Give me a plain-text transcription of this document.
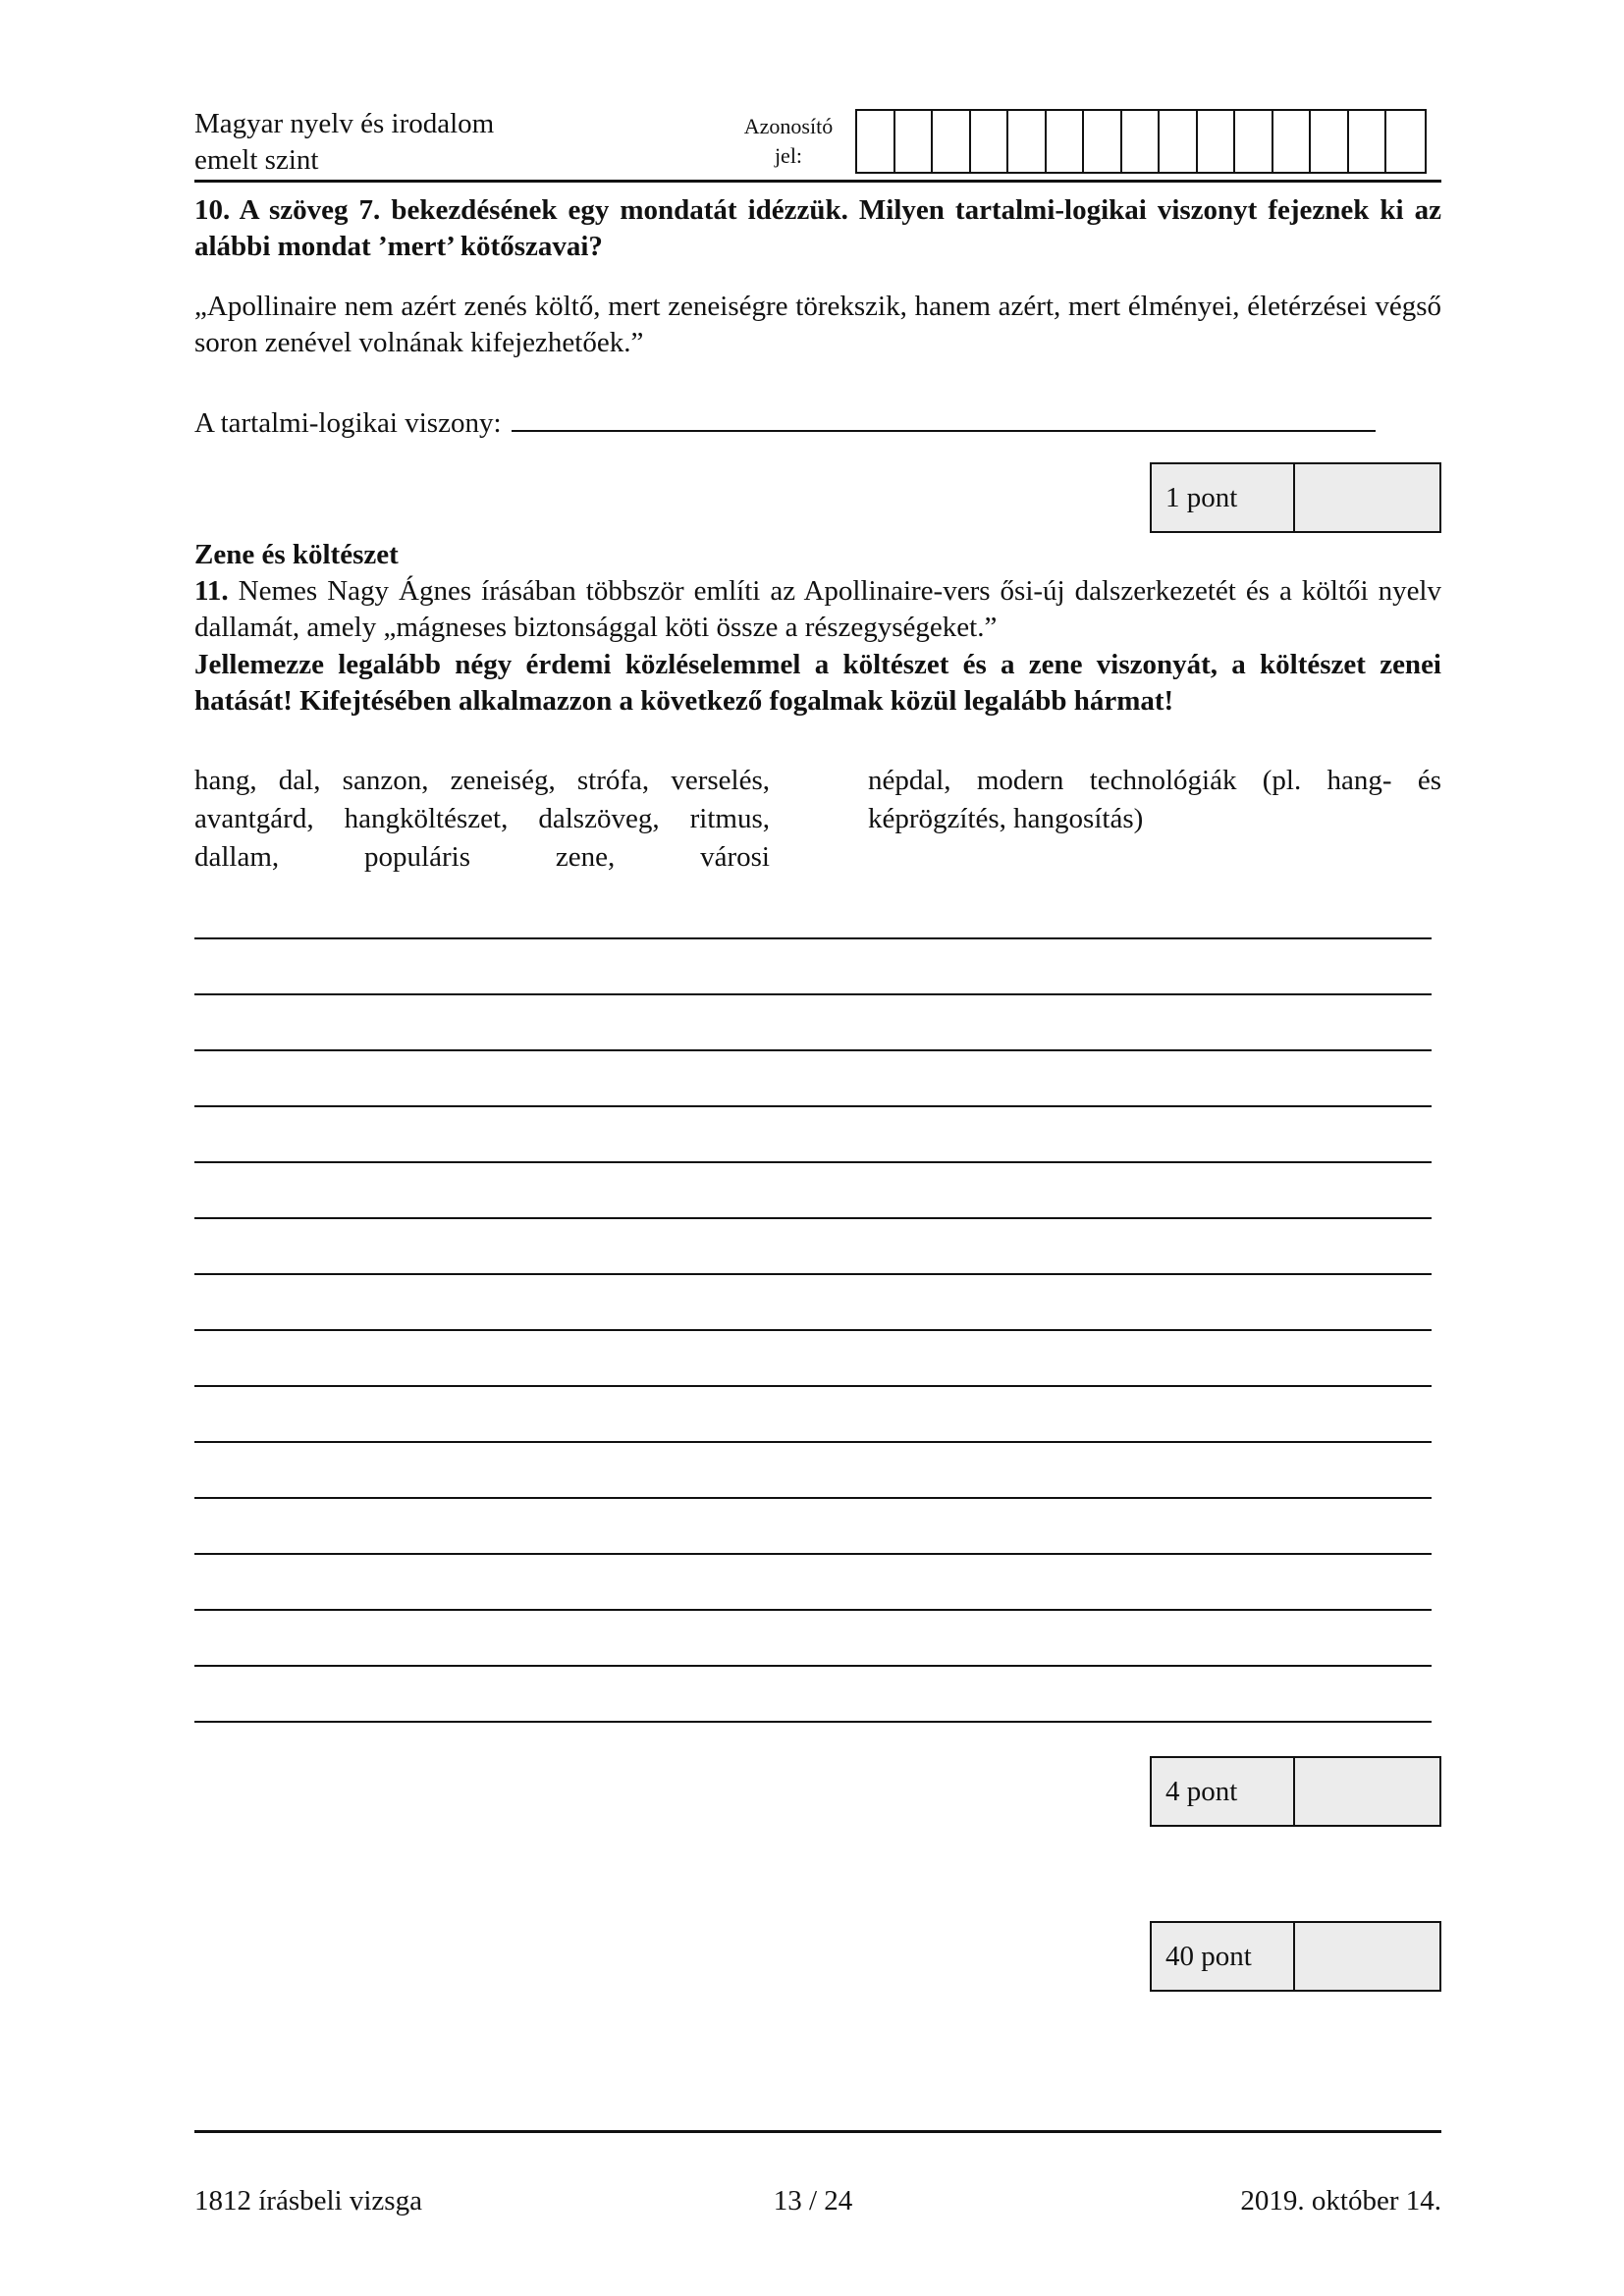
Magyar nyelv és irodalom
emelt szint
Azonosító
jel:
10. A szöveg 7. bekezdésének egy mondatát idézzük. Milyen tartalmi-logikai viszonyt fejeznek ki az alábbi mondat ’mert’ kötőszavai?
„Apollinaire nem azért zenés költő, mert zeneiségre törekszik, hanem azért, mert élményei, életérzései végső soron zenével volnának kifejezhetőek.”
A tartalmi-logikai viszony:
1 pont
Zene és költészet
11. Nemes Nagy Ágnes írásában többször említi az Apollinaire-vers ősi-új dalszerkezetét és a költői nyelv dallamát, amely „mágneses biztonsággal köti össze a részegységeket.”
Jellemezze legalább négy érdemi közléselemmel a költészet és a zene viszonyát, a költészet zenei hatását! Kifejtésében alkalmazzon a következő fogalmak közül legalább hármat!
hang, dal, sanzon, zeneiség, strófa, verselés, avantgárd, hangköltészet, dalszöveg, ritmus, dallam, populáris zene, városi
népdal, modern technológiák (pl. hang- és képrögzítés, hangosítás)
4 pont
40 pont
1812 írásbeli vizsga	13 / 24	2019. október 14.
